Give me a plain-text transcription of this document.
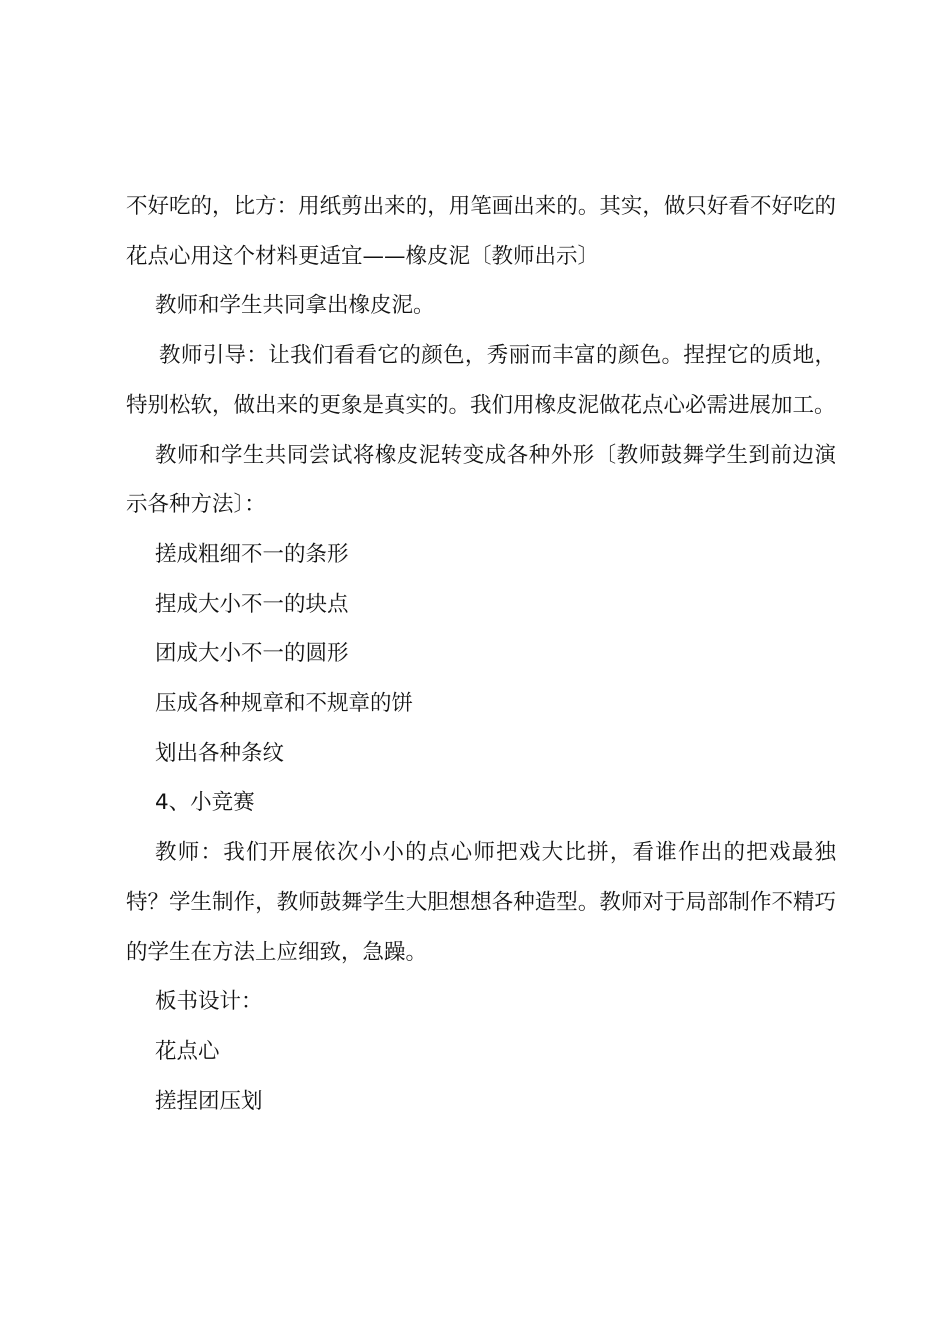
不好吃的，比方：用纸剪出来的，用笔画出来的。其实，做只好看不好吃的花点心用这个材料更适宜——橡皮泥〔教师出示〕

教师和学生共同拿出橡皮泥。

教师引导：让我们看看它的颜色，秀丽而丰富的颜色。捏捏它的质地，特别松软，做出来的更象是真实的。我们用橡皮泥做花点心必需进展加工。

教师和学生共同尝试将橡皮泥转变成各种外形〔教师鼓舞学生到前边演示各种方法〕：

搓成粗细不一的条形

捏成大小不一的块点

团成大小不一的圆形

压成各种规章和不规章的饼

划出各种条纹

4、小竞赛

教师：我们开展依次小小的点心师把戏大比拼，看谁作出的把戏最独特？学生制作，教师鼓舞学生大胆想想各种造型。教师对于局部制作不精巧的学生在方法上应细致，急躁。

板书设计：

花点心

搓捏团压划
